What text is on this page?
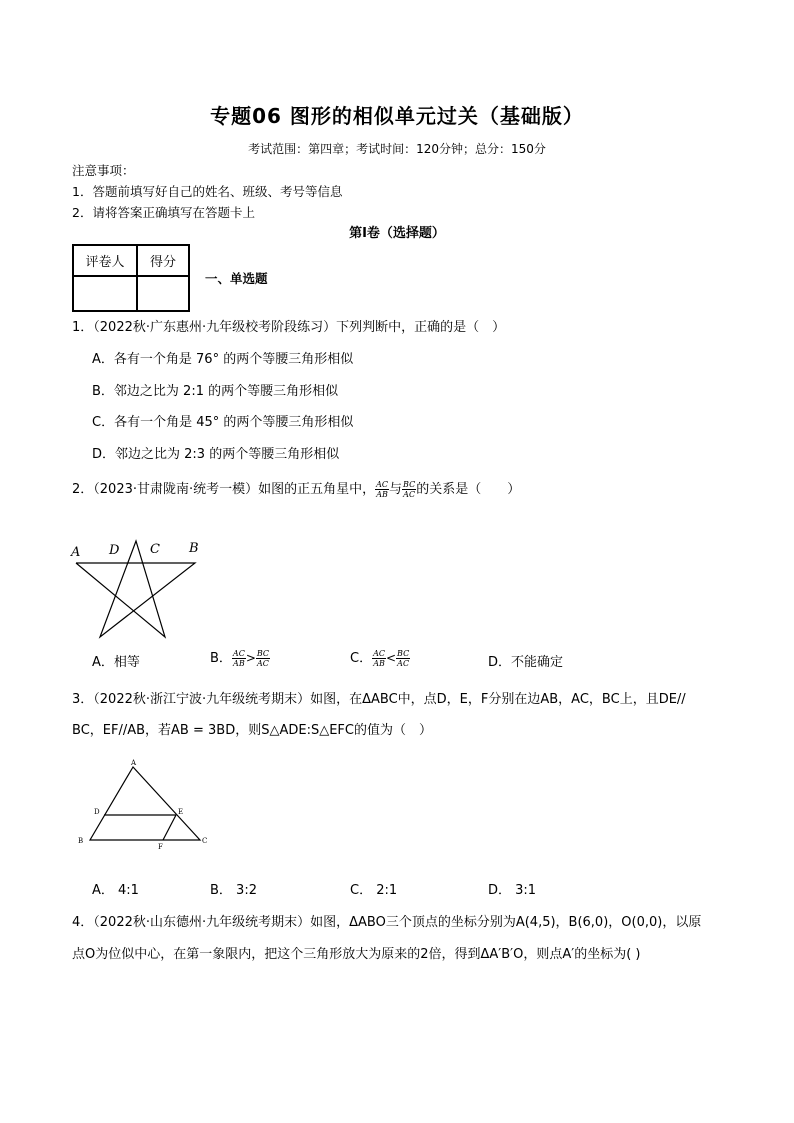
专题06 图形的相似单元过关（基础版）
考试范围：第四章；考试时间：120分钟；总分：150分
注意事项：
1．答题前填写好自己的姓名、班级、考号等信息
2．请将答案正确填写在答题卡上
第I卷（选择题）
评卷人	得分

一、单选题
1．（2022秋·广东惠州·九年级校考阶段练习）下列判断中，正确的是（　）
A．各有一个角是 76° 的两个等腰三角形相似
B．邻边之比为 2:1 的两个等腰三角形相似
C．各有一个角是 45° 的两个等腰三角形相似
D．邻边之比为 2:3 的两个等腰三角形相似
2．（2023·甘肃陇南·统考一模）如图的正五角星中， $\frac{AC}{AB}$ 与 $\frac{BC}{AC}$ 的关系是（　　）
A D C B
A．相等	B． $\frac{AC}{AB} > \frac{BC}{AC}$	C． $\frac{AC}{AB} < \frac{BC}{AC}$	D．不能确定
3．（2022秋·浙江宁波·九年级统考期末）如图，在ΔABC中，点D，E，F分别在边AB，AC，BC上，且DE//
BC，EF//AB，若AB = 3BD，则S△ADE:S△EFC的值为（　）
A
D	E
B
F
C
A． 4:1	B． 3:2	C． 2:1	D． 3:1
4．（2022秋·山东德州·九年级统考期末）如图，ΔABO三个顶点的坐标分别为A(4,5)，B(6,0)，O(0,0)，以原
点O为位似中心，在第一象限内，把这个三角形放大为原来的2倍，得到ΔA′B′O，则点A′的坐标为( )
